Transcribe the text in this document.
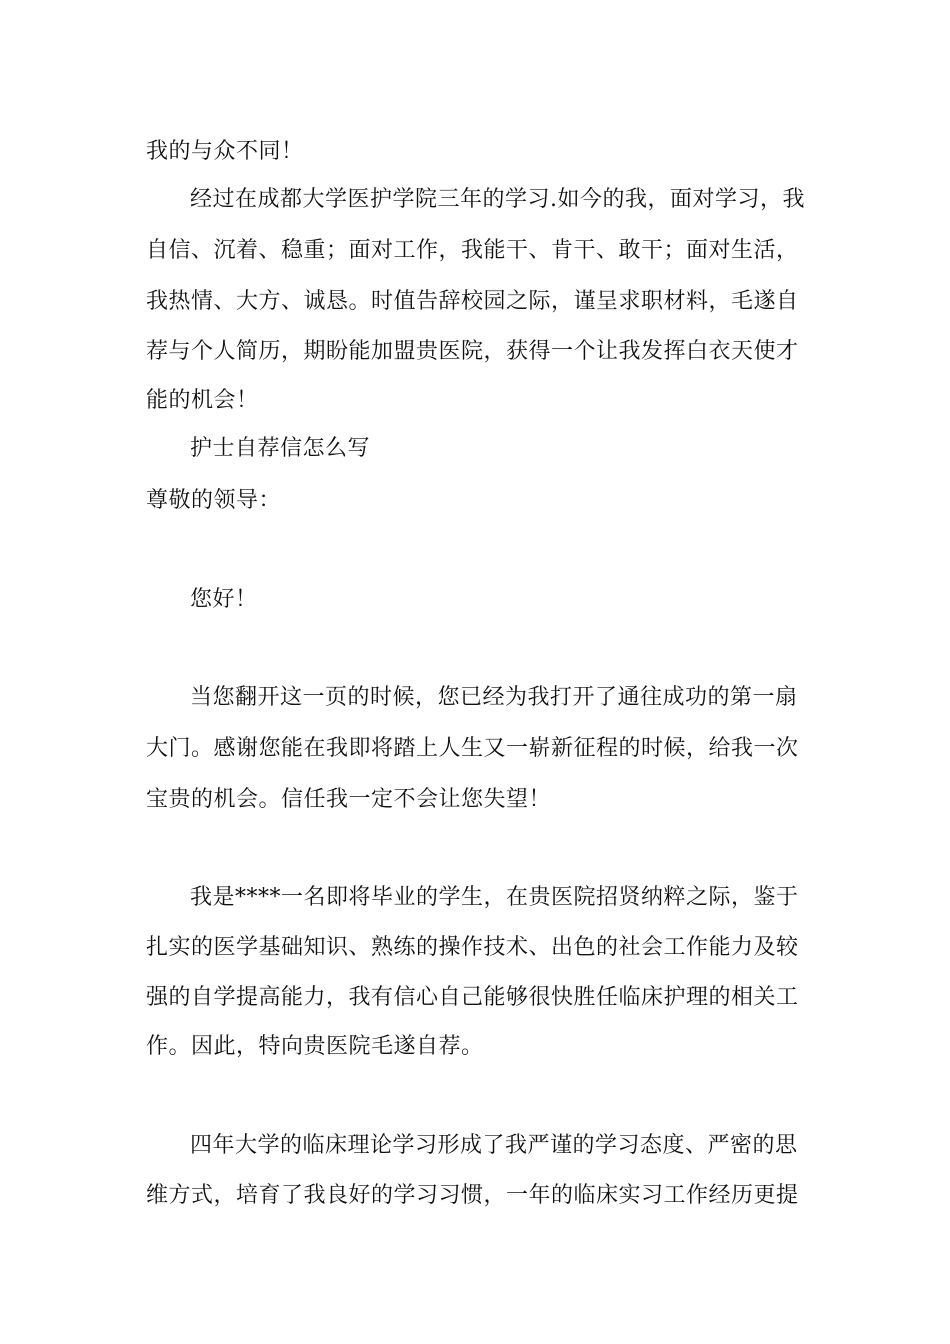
我的与众不同！
经过在成都大学医护学院三年的学习.如今的我，面对学习，我
自信、沉着、稳重；面对工作，我能干、肯干、敢干；面对生活，
我热情、大方、诚恳。时值告辞校园之际，谨呈求职材料，毛遂自
荐与个人简历，期盼能加盟贵医院，获得一个让我发挥白衣天使才
能的机会！
护士自荐信怎么写
尊敬的领导：
您好！
当您翻开这一页的时候，您已经为我打开了通往成功的第一扇
大门。感谢您能在我即将踏上人生又一崭新征程的时候，给我一次
宝贵的机会。信任我一定不会让您失望！
我是****一名即将毕业的学生，在贵医院招贤纳粹之际，鉴于
扎实的医学基础知识、熟练的操作技术、出色的社会工作能力及较
强的自学提高能力，我有信心自己能够很快胜任临床护理的相关工
作。因此，特向贵医院毛遂自荐。
四年大学的临床理论学习形成了我严谨的学习态度、严密的思
维方式，培育了我良好的学习习惯，一年的临床实习工作经历更提
